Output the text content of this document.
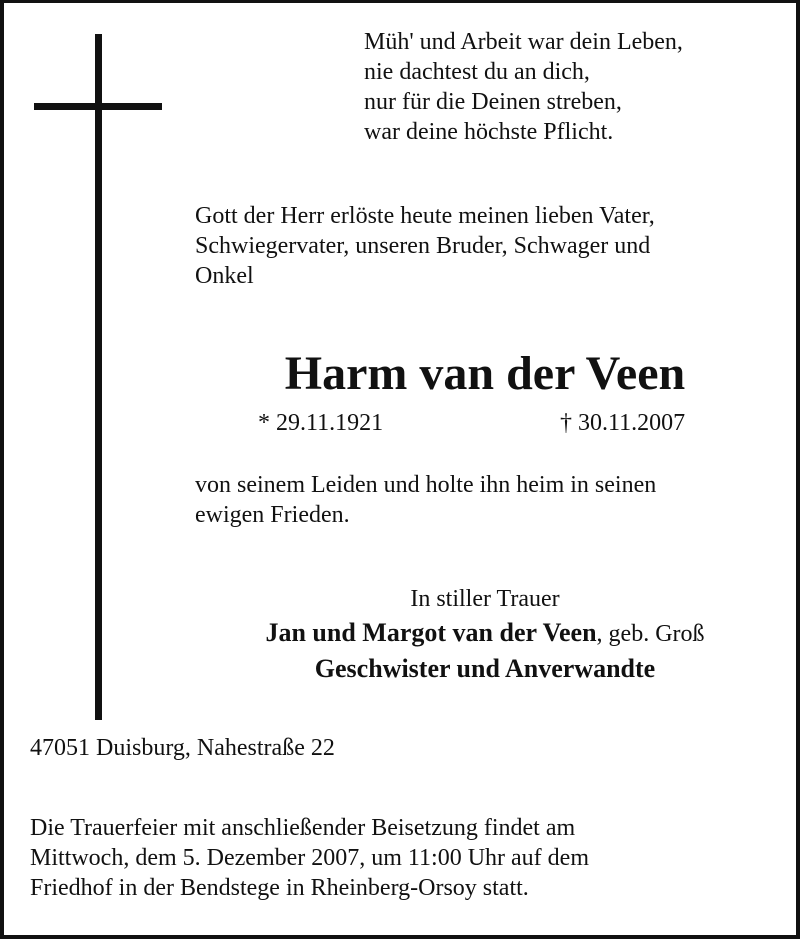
Müh' und Arbeit war dein Leben,
nie dachtest du an dich,
nur für die Deinen streben,
war deine höchste Pflicht.
Gott der Herr erlöste heute meinen lieben Vater,
Schwiegervater, unseren Bruder, Schwager und
Onkel
Harm van der Veen
* 29.11.1921	† 30.11.2007
von seinem Leiden und holte ihn heim in seinen
ewigen Frieden.
In stiller Trauer
Jan und Margot van der Veen, geb. Groß
Geschwister und Anverwandte
47051 Duisburg, Nahestraße 22
Die Trauerfeier mit anschließender Beisetzung findet am
Mittwoch, dem 5. Dezember 2007, um 11:00 Uhr auf dem
Friedhof in der Bendstege in Rheinberg-Orsoy statt.
